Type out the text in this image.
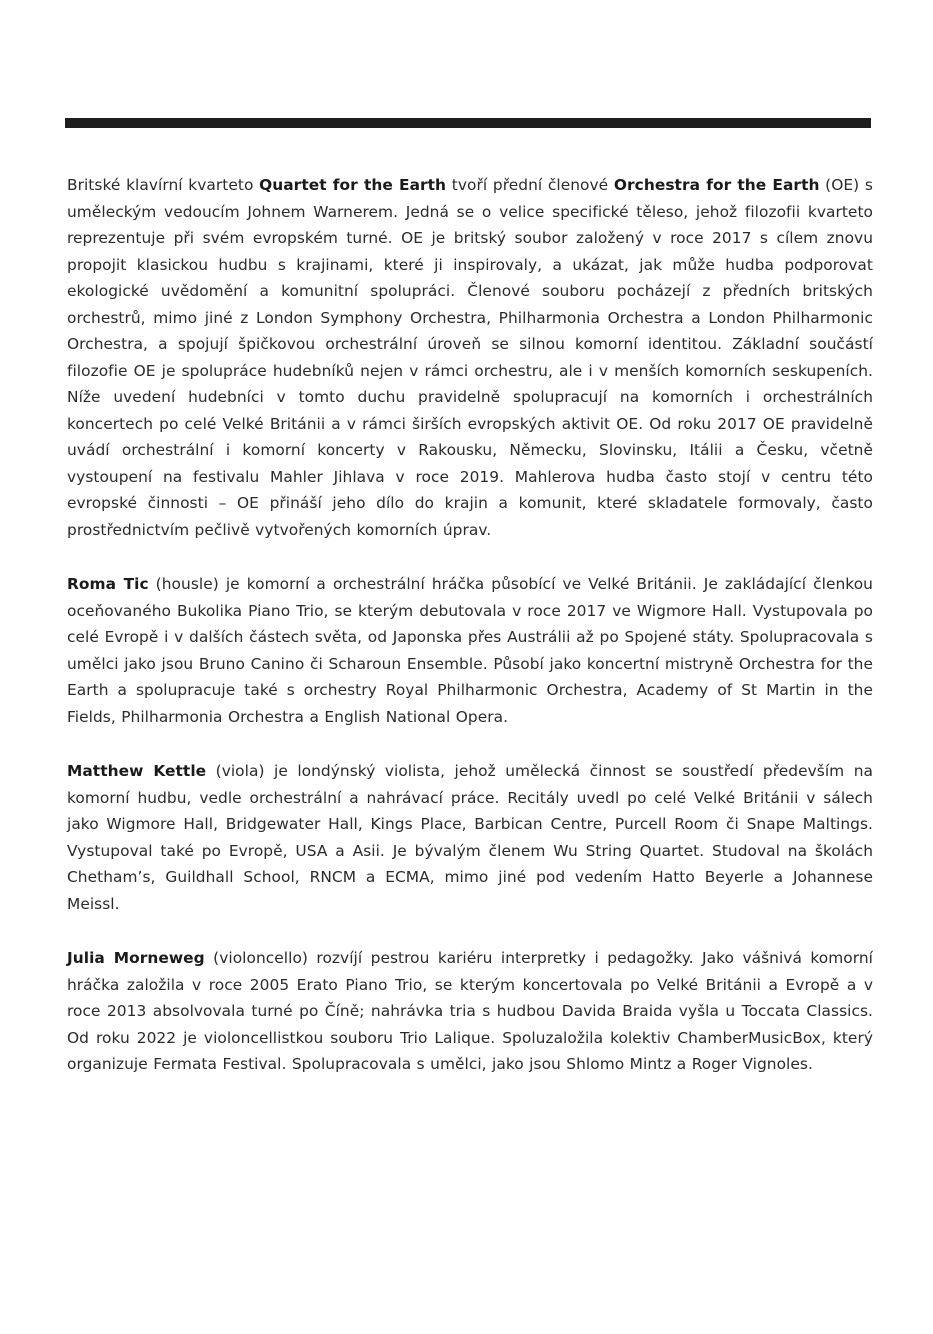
Britské klavírní kvarteto Quartet for the Earth tvoří přední členové Orchestra for the Earth (OE) s uměleckým vedoucím Johnem Warnerem. Jedná se o velice specifické těleso, jehož filozofii kvarteto reprezentuje při svém evropském turné. OE je britský soubor založený v roce 2017 s cílem znovu propojit klasickou hudbu s krajinami, které ji inspirovaly, a ukázat, jak může hudba podporovat ekologické uvědomění a komunitní spolupráci. Členové souboru pocházejí z předních britských orchestrů, mimo jiné z London Symphony Orchestra, Philharmonia Orchestra a London Philharmonic Orchestra, a spojují špičkovou orchestrální úroveň se silnou komorní identitou. Základní součástí filozofie OE je spolupráce hudebníků nejen v rámci orchestru, ale i v menších komorních seskupeních. Níže uvedení hudebníci v tomto duchu pravidelně spolupracují na komorních i orchestrálních koncertech po celé Velké Británii a v rámci širších evropských aktivit OE. Od roku 2017 OE pravidelně uvádí orchestrální i komorní koncerty v Rakousku, Německu, Slovinsku, Itálii a Česku, včetně vystoupení na festivalu Mahler Jihlava v roce 2019. Mahlerova hudba často stojí v centru této evropské činnosti – OE přináší jeho dílo do krajin a komunit, které skladatele formovaly, často prostřednictvím pečlivě vytvořených komorních úprav.

Roma Tic (housle) je komorní a orchestrální hráčka působící ve Velké Británii. Je zakládající členkou oceňovaného Bukolika Piano Trio, se kterým debutovala v roce 2017 ve Wigmore Hall. Vystupovala po celé Evropě i v dalších částech světa, od Japonska přes Austrálii až po Spojené státy. Spolupracovala s umělci jako jsou Bruno Canino či Scharoun Ensemble. Působí jako koncertní mistryně Orchestra for the Earth a spolupracuje také s orchestry Royal Philharmonic Orchestra, Academy of St Martin in the Fields, Philharmonia Orchestra a English National Opera.

Matthew Kettle (viola) je londýnský violista, jehož umělecká činnost se soustředí především na komorní hudbu, vedle orchestrální a nahrávací práce. Recitály uvedl po celé Velké Británii v sálech jako Wigmore Hall, Bridgewater Hall, Kings Place, Barbican Centre, Purcell Room či Snape Maltings. Vystupoval také po Evropě, USA a Asii. Je bývalým členem Wu String Quartet. Studoval na školách Chetham’s, Guildhall School, RNCM a ECMA, mimo jiné pod vedením Hatto Beyerle a Johannese Meissl.

Julia Morneweg (violoncello) rozvíjí pestrou kariéru interpretky i pedagožky. Jako vášnivá komorní hráčka založila v roce 2005 Erato Piano Trio, se kterým koncertovala po Velké Británii a Evropě a v roce 2013 absolvovala turné po Číně; nahrávka tria s hudbou Davida Braida vyšla u Toccata Classics. Od roku 2022 je violoncellistkou souboru Trio Lalique. Spoluzaložila kolektiv ChamberMusicBox, který organizuje Fermata Festival. Spolupracovala s umělci, jako jsou Shlomo Mintz a Roger Vignoles.
